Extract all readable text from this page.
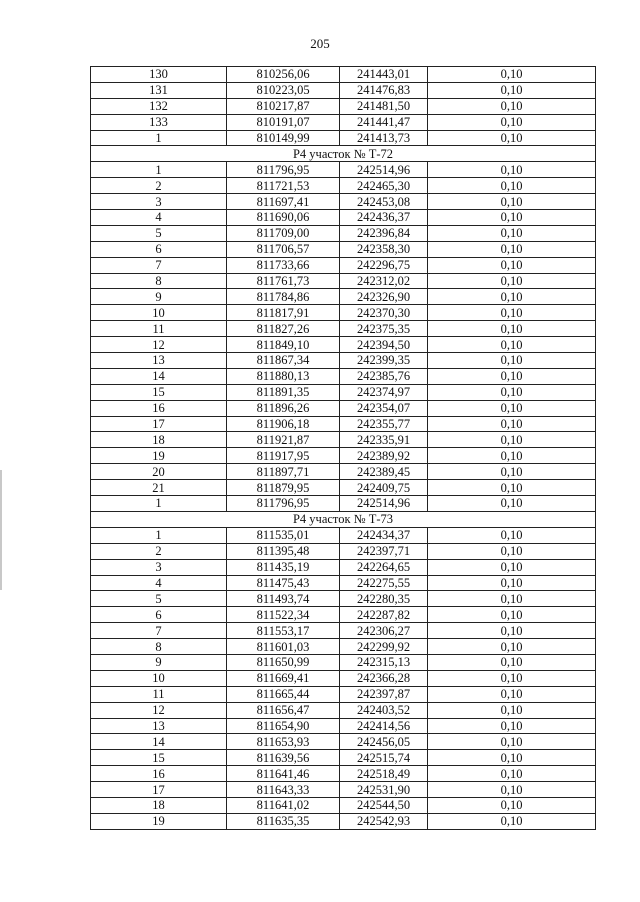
205
130	810256,06	241443,01	0,10
131	810223,05	241476,83	0,10
132	810217,87	241481,50	0,10
133	810191,07	241441,47	0,10
1	810149,99	241413,73	0,10
Р4 участок № Т-72			
1	811796,95	242514,96	0,10
2	811721,53	242465,30	0,10
3	811697,41	242453,08	0,10
4	811690,06	242436,37	0,10
5	811709,00	242396,84	0,10
6	811706,57	242358,30	0,10
7	811733,66	242296,75	0,10
8	811761,73	242312,02	0,10
9	811784,86	242326,90	0,10
10	811817,91	242370,30	0,10
11	811827,26	242375,35	0,10
12	811849,10	242394,50	0,10
13	811867,34	242399,35	0,10
14	811880,13	242385,76	0,10
15	811891,35	242374,97	0,10
16	811896,26	242354,07	0,10
17	811906,18	242355,77	0,10
18	811921,87	242335,91	0,10
19	811917,95	242389,92	0,10
20	811897,71	242389,45	0,10
21	811879,95	242409,75	0,10
1	811796,95	242514,96	0,10
Р4 участок № Т-73			
1	811535,01	242434,37	0,10
2	811395,48	242397,71	0,10
3	811435,19	242264,65	0,10
4	811475,43	242275,55	0,10
5	811493,74	242280,35	0,10
6	811522,34	242287,82	0,10
7	811553,17	242306,27	0,10
8	811601,03	242299,92	0,10
9	811650,99	242315,13	0,10
10	811669,41	242366,28	0,10
11	811665,44	242397,87	0,10
12	811656,47	242403,52	0,10
13	811654,90	242414,56	0,10
14	811653,93	242456,05	0,10
15	811639,56	242515,74	0,10
16	811641,46	242518,49	0,10
17	811643,33	242531,90	0,10
18	811641,02	242544,50	0,10
19	811635,35	242542,93	0,10
